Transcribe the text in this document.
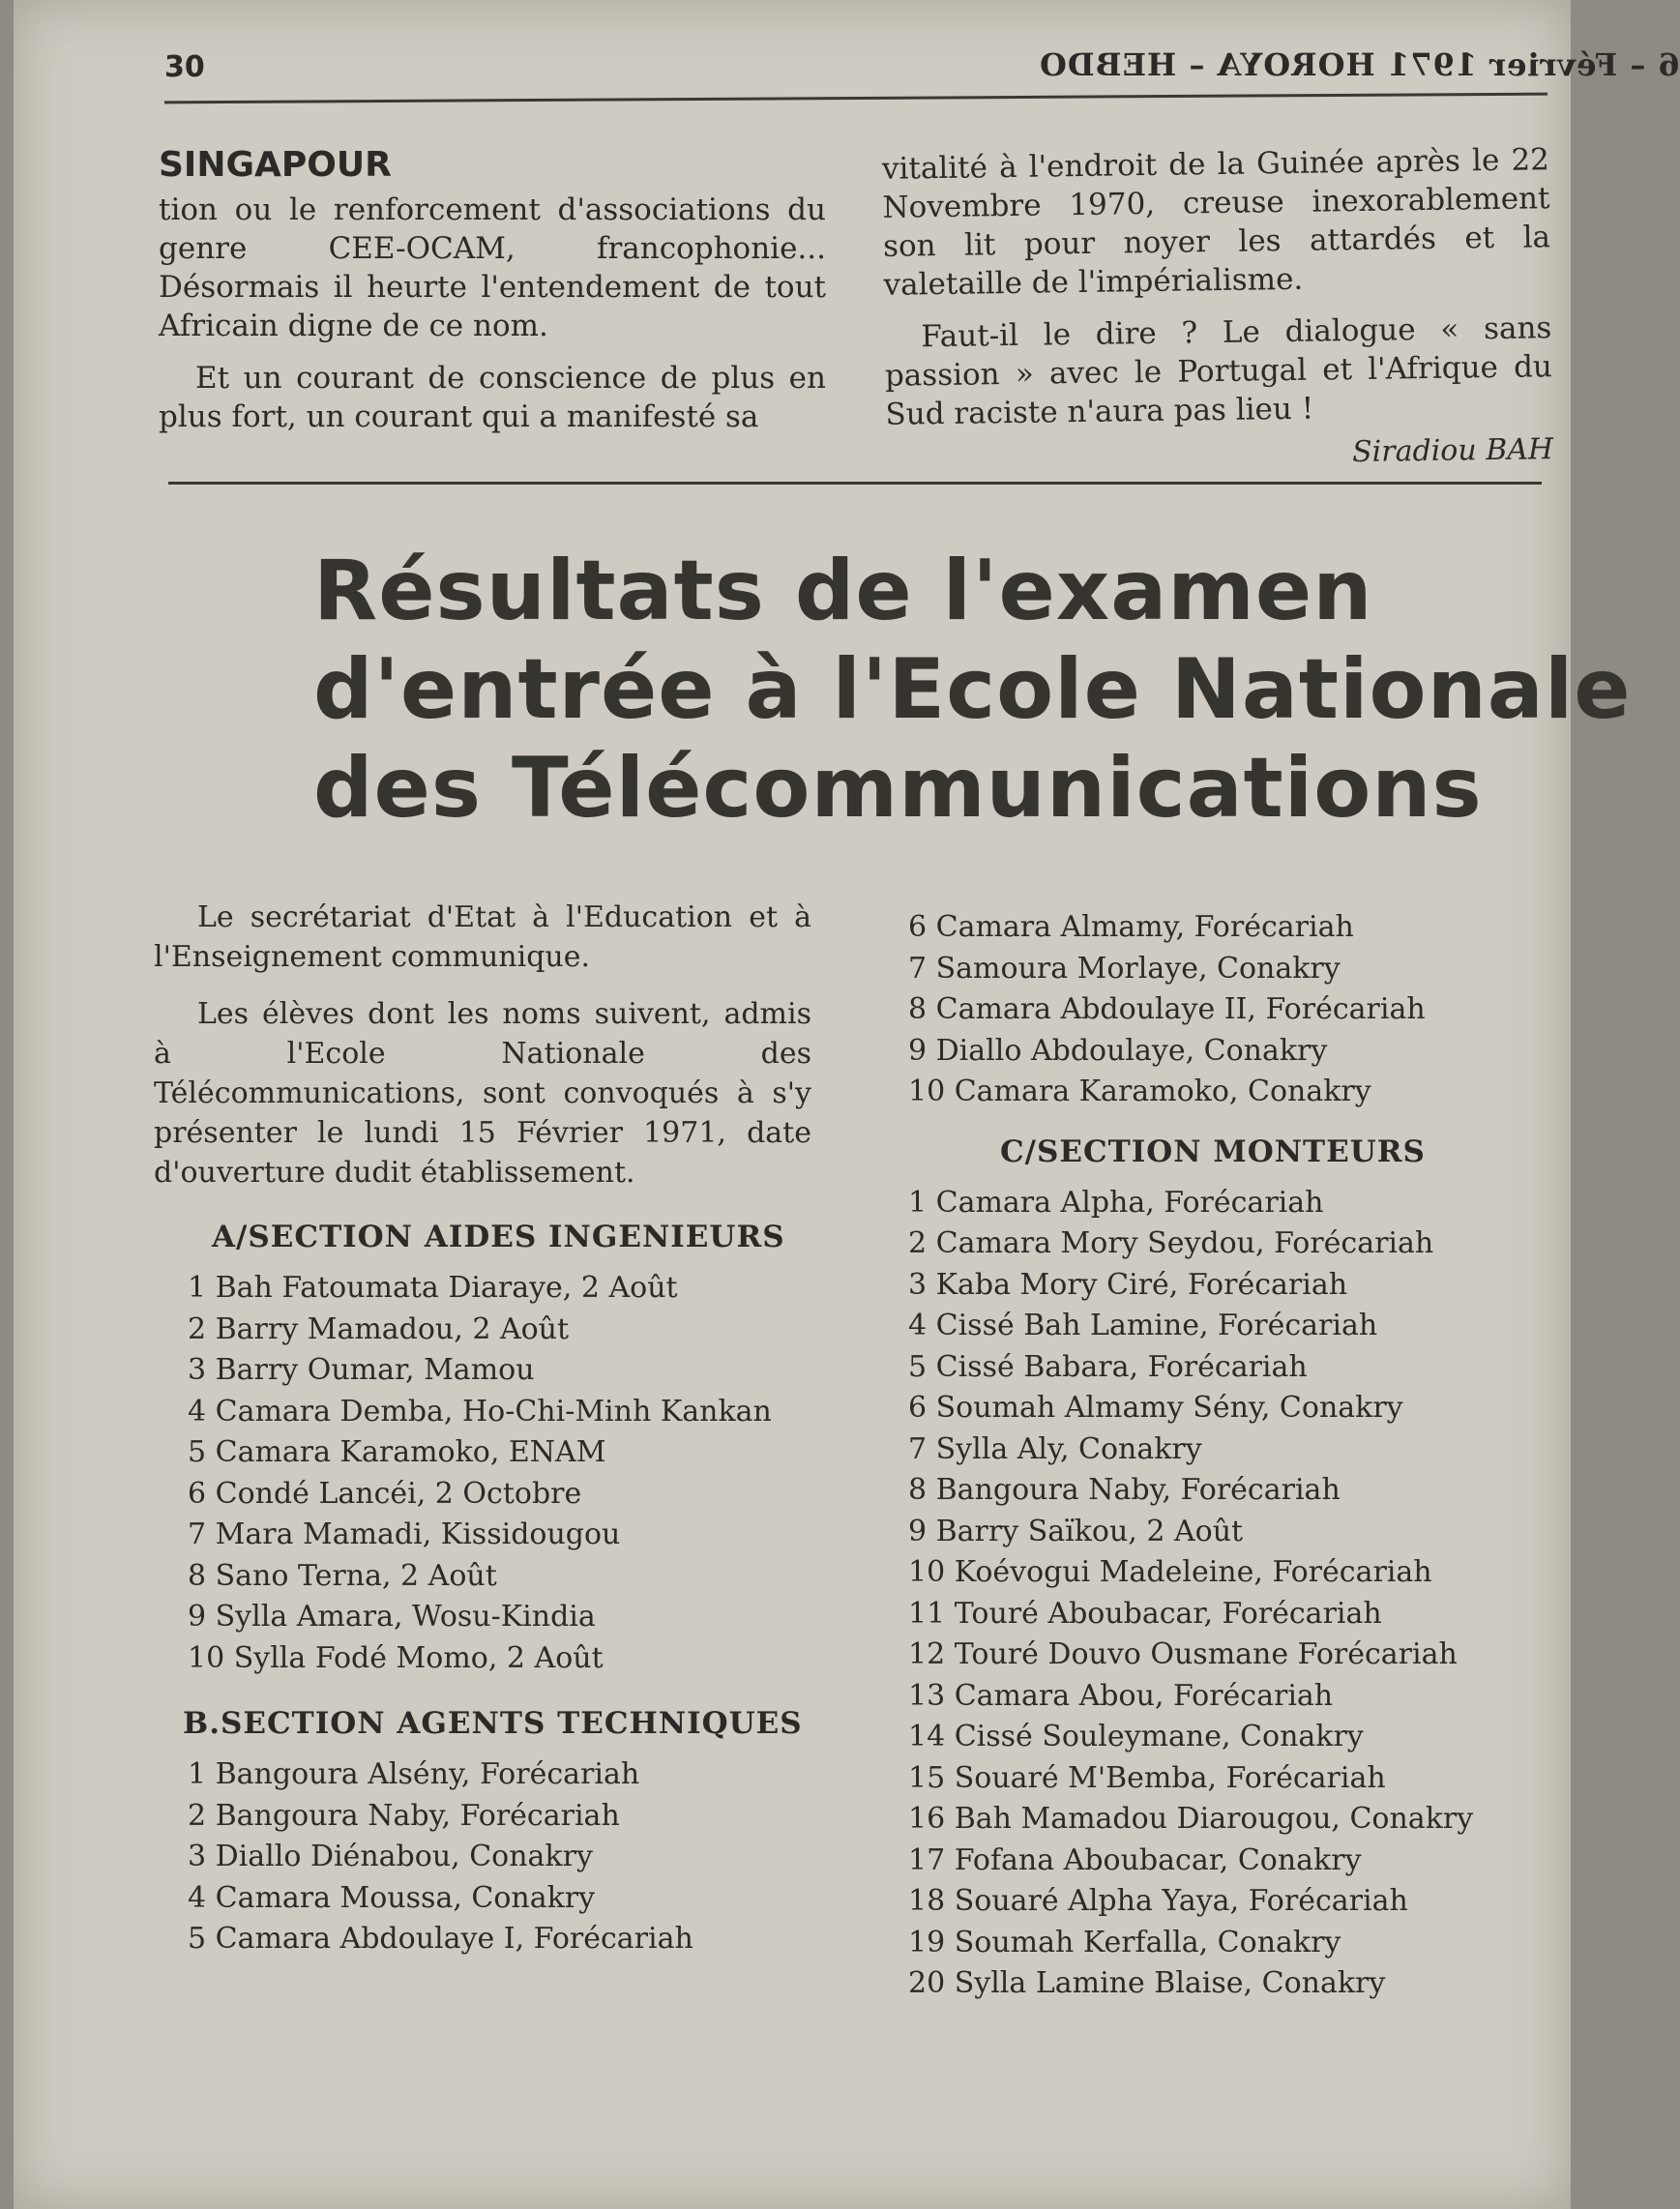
30	6 – Février 1971 HOROYA – HEBDO
SINGAPOUR

tion ou le renforcement d'associations du genre CEE-OCAM, francophonie... Désormais il heurte l'entendement de tout Africain digne de ce nom.

Et un courant de conscience de plus en plus fort, un courant qui a manifesté sa

vitalité à l'endroit de la Guinée après le 22 Novembre 1970, creuse inexorablement son lit pour noyer les attardés et la valetaille de l'impérialisme.

Faut-il le dire ? Le dialogue « sans passion » avec le Portugal et l'Afrique du Sud raciste n'aura pas lieu !

Siradiou BAH
Résultats de l'examen
d'entrée à l'Ecole Nationale
des Télécommunications

Le secrétariat d'Etat à l'Education et à l'Enseignement communique.

Les élèves dont les noms suivent, admis à l'Ecole Nationale des Télécommunications, sont convoqués à s'y présenter le lundi 15 Février 1971, date d'ouverture dudit établissement.

A/SECTION AIDES INGENIEURS
1 Bah Fatoumata Diaraye, 2 Août
2 Barry Mamadou, 2 Août
3 Barry Oumar, Mamou
4 Camara Demba, Ho-Chi-Minh Kankan
5 Camara Karamoko, ENAM
6 Condé Lancéi, 2 Octobre
7 Mara Mamadi, Kissidougou
8 Sano Terna, 2 Août
9 Sylla Amara, Wosu-Kindia
10 Sylla Fodé Momo, 2 Août
B.SECTION AGENTS TECHNIQUES
1 Bangoura Alsény, Forécariah
2 Bangoura Naby, Forécariah
3 Diallo Diénabou, Conakry
4 Camara Moussa, Conakry
5 Camara Abdoulaye I, Forécariah
6 Camara Almamy, Forécariah
7 Samoura Morlaye, Conakry
8 Camara Abdoulaye II, Forécariah
9 Diallo Abdoulaye, Conakry
10 Camara Karamoko, Conakry
C/SECTION MONTEURS
1 Camara Alpha, Forécariah
2 Camara Mory Seydou, Forécariah
3 Kaba Mory Ciré, Forécariah
4 Cissé Bah Lamine, Forécariah
5 Cissé Babara, Forécariah
6 Soumah Almamy Sény, Conakry
7 Sylla Aly, Conakry
8 Bangoura Naby, Forécariah
9 Barry Saïkou, 2 Août
10 Koévogui Madeleine, Forécariah
11 Touré Aboubacar, Forécariah
12 Touré Douvo Ousmane Forécariah
13 Camara Abou, Forécariah
14 Cissé Souleymane, Conakry
15 Souaré M'Bemba, Forécariah
16 Bah Mamadou Diarougou, Conakry
17 Fofana Aboubacar, Conakry
18 Souaré Alpha Yaya, Forécariah
19 Soumah Kerfalla, Conakry
20 Sylla Lamine Blaise, Conakry
